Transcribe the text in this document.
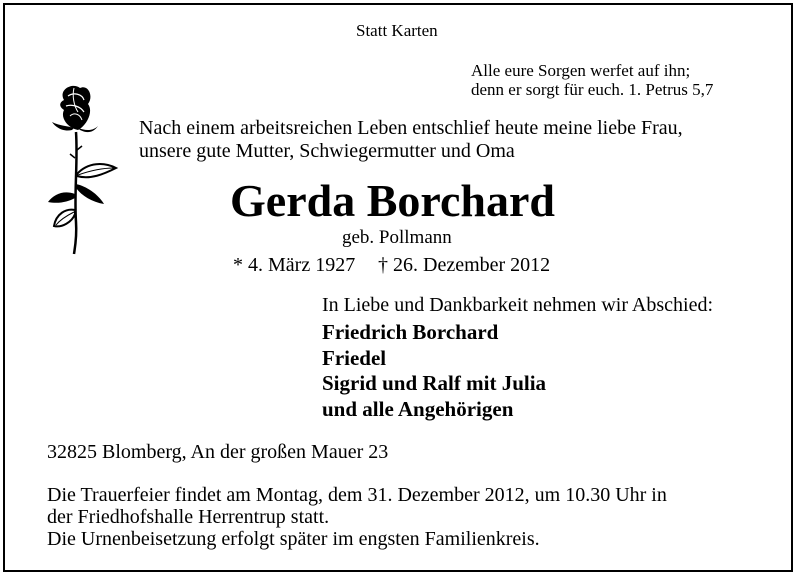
Statt Karten
Alle eure Sorgen werfet auf ihn;
denn er sorgt für euch. 1. Petrus 5,7
Nach einem arbeitsreichen Leben entschlief heute meine liebe Frau,
unsere gute Mutter, Schwiegermutter und Oma
Gerda Borchard
geb. Pollmann
* 4. März 1927 † 26. Dezember 2012
In Liebe und Dankbarkeit nehmen wir Abschied:
Friedrich Borchard
Friedel
Sigrid und Ralf mit Julia
und alle Angehörigen
32825 Blomberg, An der großen Mauer 23
Die Trauerfeier findet am Montag, dem 31. Dezember 2012, um 10.30 Uhr in
der Friedhofshalle Herrentrup statt.
Die Urnenbeisetzung erfolgt später im engsten Familienkreis.
